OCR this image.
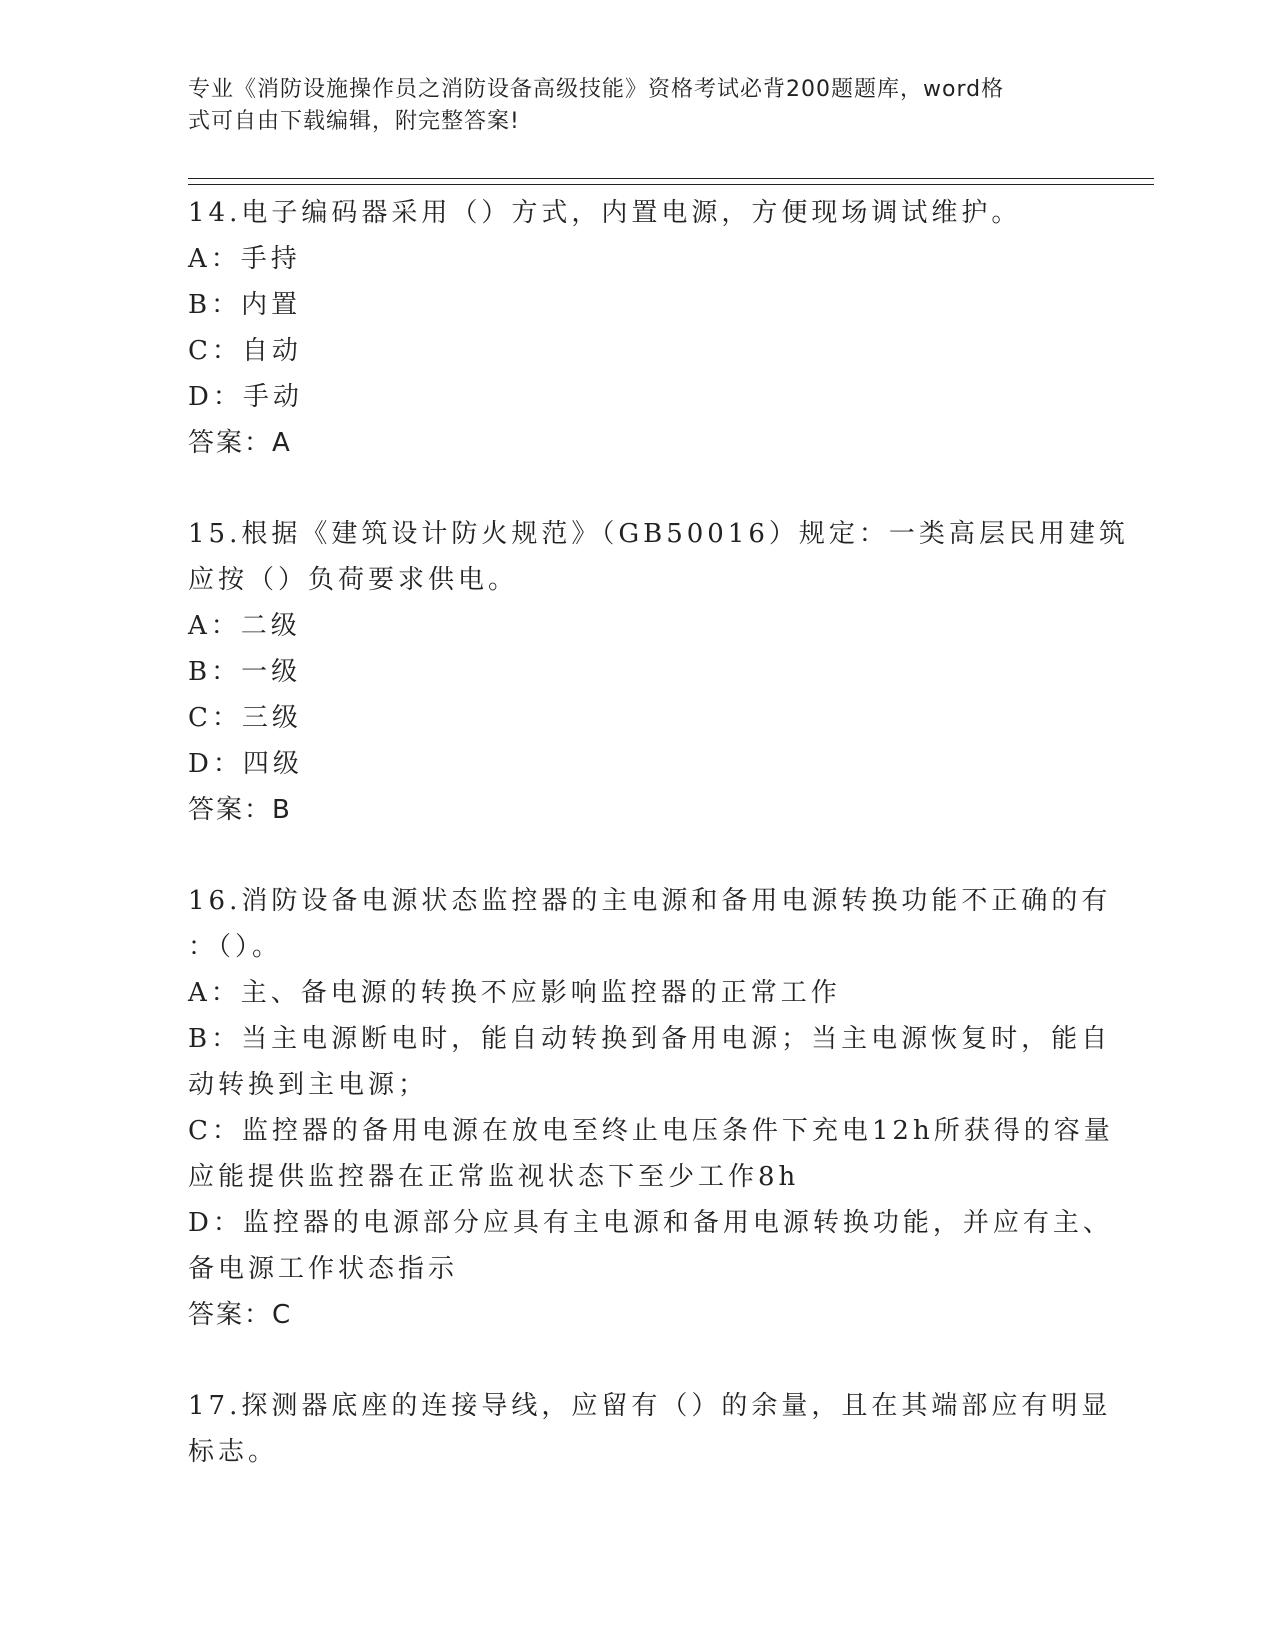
专业《消防设施操作员之消防设备高级技能》资格考试必背200题题库，word格
式可自由下载编辑，附完整答案!
14.电子编码器采用（）方式，内置电源，方便现场调试维护。
A：手持
B：内置
C：自动
D：手动
答案：A
15.根据《建筑设计防火规范》（GB50016）规定：一类高层民用建筑
应按（）负荷要求供电。
A：二级
B：一级
C：三级
D：四级
答案：B
16.消防设备电源状态监控器的主电源和备用电源转换功能不正确的有
：（）。
A：主、备电源的转换不应影响监控器的正常工作
B：当主电源断电时，能自动转换到备用电源；当主电源恢复时，能自
动转换到主电源；
C：监控器的备用电源在放电至终止电压条件下充电12h所获得的容量
应能提供监控器在正常监视状态下至少工作8h
D：监控器的电源部分应具有主电源和备用电源转换功能，并应有主、
备电源工作状态指示
答案：C
17.探测器底座的连接导线，应留有（）的余量，且在其端部应有明显
标志。
